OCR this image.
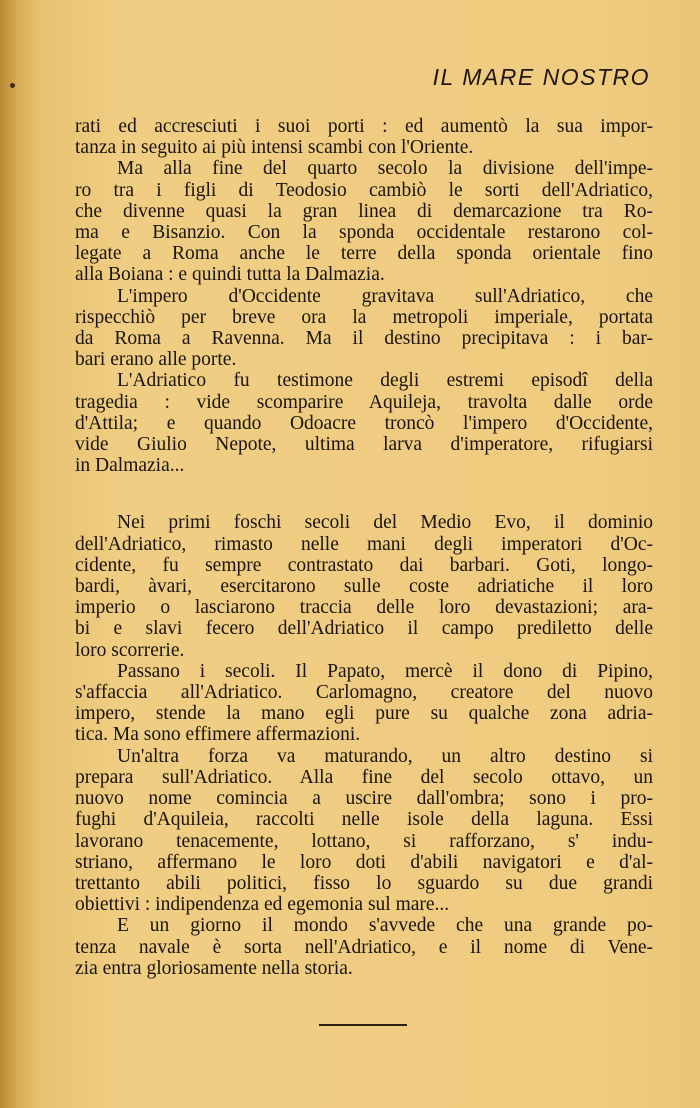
IL MARE NOSTRO

rati ed accresciuti i suoi porti : ed aumentò la sua impor-
tanza in seguito ai più intensi scambi con l'Oriente.

Ma alla fine del quarto secolo la divisione dell'impe-
ro tra i figli di Teodosio cambiò le sorti dell'Adriatico,
che divenne quasi la gran linea di demarcazione tra Ro-
ma e Bisanzio. Con la sponda occidentale restarono col-
legate a Roma anche le terre della sponda orientale fino
alla Boiana : e quindi tutta la Dalmazia.

L'impero d'Occidente gravitava sull'Adriatico, che
rispecchiò per breve ora la metropoli imperiale, portata
da Roma a Ravenna. Ma il destino precipitava : i bar-
bari erano alle porte.

L'Adriatico fu testimone degli estremi episodî della
tragedia : vide scomparire Aquileja, travolta dalle orde
d'Attila; e quando Odoacre troncò l'impero d'Occidente,
vide Giulio Nepote, ultima larva d'imperatore, rifugiarsi
in Dalmazia...

Nei primi foschi secoli del Medio Evo, il dominio
dell'Adriatico, rimasto nelle mani degli imperatori d'Oc-
cidente, fu sempre contrastato dai barbari. Goti, longo-
bardi, àvari, esercitarono sulle coste adriatiche il loro
imperio o lasciarono traccia delle loro devastazioni; ara-
bi e slavi fecero dell'Adriatico il campo prediletto delle
loro scorrerie.

Passano i secoli. Il Papato, mercè il dono di Pipino,
s'affaccia all'Adriatico. Carlomagno, creatore del nuovo
impero, stende la mano egli pure su qualche zona adria-
tica. Ma sono effimere affermazioni.

Un'altra forza va maturando, un altro destino si
prepara sull'Adriatico. Alla fine del secolo ottavo, un
nuovo nome comincia a uscire dall'ombra; sono i pro-
fughi d'Aquileia, raccolti nelle isole della laguna. Essi
lavorano tenacemente, lottano, si rafforzano, s' indu-
striano, affermano le loro doti d'abili navigatori e d'al-
trettanto abili politici, fisso lo sguardo su due grandi
obiettivi : indipendenza ed egemonia sul mare...

E un giorno il mondo s'avvede che una grande po-
tenza navale è sorta nell'Adriatico, e il nome di Vene-
zia entra gloriosamente nella storia.
